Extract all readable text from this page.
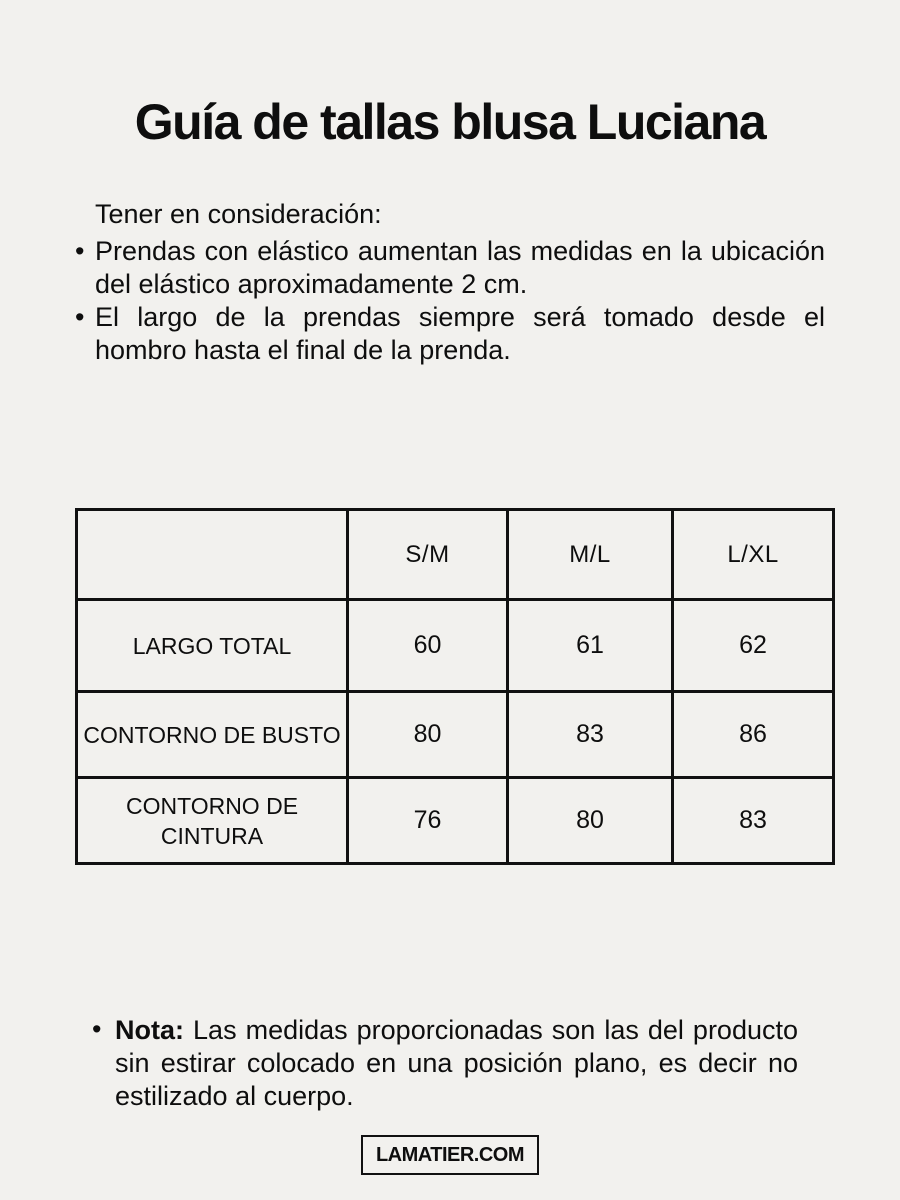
Guía de tallas blusa Luciana

Tener en consideración:

• Prendas con elástico aumentan las medidas en la ubicación del elástico aproximadamente 2 cm.
• El largo de la prendas siempre será tomado desde el hombro hasta el final de la prenda.
	S/M	M/L	L/XL
LARGO TOTAL	60	61	62
CONTORNO DE BUSTO	80	83	86
CONTORNO DE CINTURA	76	80	83
• Nota: Las medidas proporcionadas son las del producto sin estirar colocado en una posición plano, es decir no estilizado al cuerpo.
LAMATIER.COM
